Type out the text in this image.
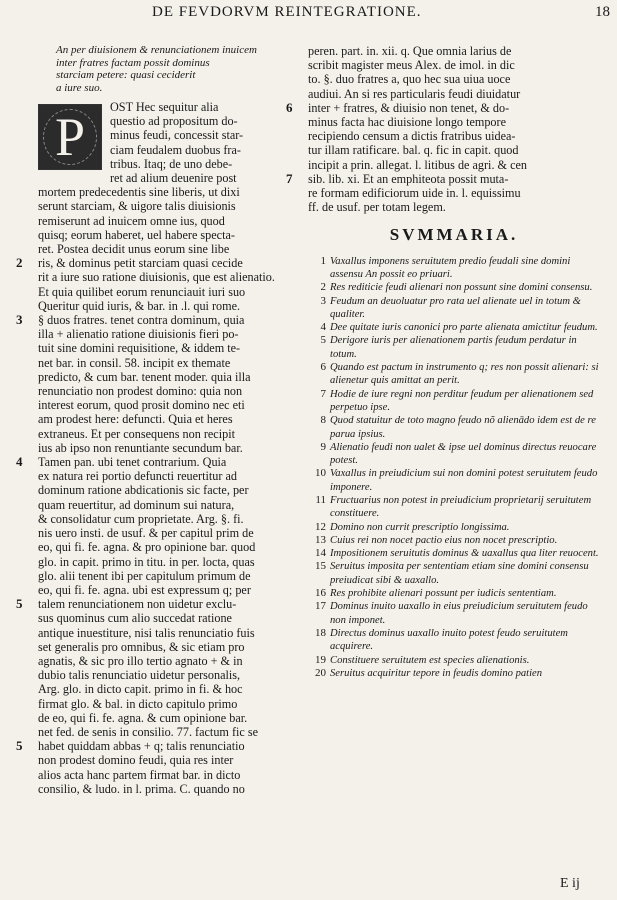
DE FEVDORVM REINTEGRATIONE.	18
An per diuisionem & renunciationem inuicem
inter fratres factam possit dominus
starciam petere: quasi ceciderit
a iure suo.
P	OST Hec sequitur alia
questio ad propositum do-
minus feudi, concessit star-
ciam feudalem duobus fra-
tribus. Itaq; de uno debe-
ret ad alium deuenire post
mortem predecedentis sine liberis, ut dixi
serunt starciam, & uigore talis diuisionis
remiserunt ad inuicem omne ius, quod
quisq; eorum haberet, uel habere specta-
ret. Postea decidit unus eorum sine libe
2 ris, & dominus petit starciam quasi cecide
rit a iure suo ratione diuisionis, que est alienatio.
Et quia quilibet eorum renunciauit iuri suo
Queritur quid iuris, & bar. in .l. qui rome.
3 § duos fratres. tenet contra dominum, quia
illa + alienatio ratione diuisionis fieri po-
tuit sine domini requisitione, & iddem te-
net bar. in consil. 58. incipit ex themate
predicto, & cum bar. tenent moder. quia illa
renunciatio non prodest domino: quia non
interest eorum, quod prosit domino nec eti
am prodest here: defuncti. Quia et heres
extraneus. Et per consequens non recipit
ius ab ipso non renuntiante secundum bar.
4 Tamen pan. ubi tenet contrarium. Quia
ex natura rei portio defuncti reuertitur ad
dominum ratione abdicationis sic facte, per
quam reuertitur, ad dominum sui natura,
& consolidatur cum proprietate. Arg. §. fi.
nis uero insti. de usuf. & per capitul prim de
eo, qui fi. fe. agna. & pro opinione bar. quod
glo. in capit. primo in titu. in per. locta, quas
glo. alii tenent ibi per capitulum primum de
eo, qui fi. fe. agna. ubi est expressum q; per
5 talem renunciationem non uidetur exclu-
sus quominus cum alio succedat ratione
antique inuestiture, nisi talis renunciatio fuis
set generalis pro omnibus, & sic etiam pro
agnatis, & sic pro illo tertio agnato + & in
dubio talis renunciatio uidetur personalis,
Arg. glo. in dicto capit. primo in fi. & hoc
firmat glo. & bal. in dicto capitulo primo
de eo, qui fi. fe. agna. & cum opinione bar.
net fed. de senis in consilio. 77. factum fic se
5 habet quiddam abbas + q; talis renunciatio
non prodest domino feudi, quia res inter
alios acta hanc partem firmat bar. in dicto
consilio, & ludo. in l. prima. C. quando no
peren. part. in. xii. q. Que omnia larius de
scribit magister meus Alex. de imol. in dic
to. §. duo fratres a, quo hec sua uiua uoce
audiui. An si res particularis feudi diuidatur
6 inter + fratres, & diuisio non tenet, & do-
minus facta hac diuisione longo tempore
recipiendo censum a dictis fratribus uidea-
tur illam ratificare. bal. q. fic in capit. quod
incipit a prin. allegat. l. litibus de agri. & cen
7 sib. lib. xi. Et an emphiteota possit muta-
re formam edificiorum uide in. l. equissimu
ff. de usuf. per totam legem.
SVMMARIA.
1 Vaxallus imponens seruitutem predio feudali sine domini assensu An possit eo priuari.
2 Res rediticie feudi alienari non possunt sine domini consensu.
3 Feudum an deuoluatur pro rata uel alienate uel in totum & qualiter.
4 Dee quitate iuris canonici pro parte alienata amictitur feudum.
5 Derigore iuris per alienationem partis feudum perdatur in totum.
6 Quando est pactum in instrumento q; res non possit alienari: si alienetur quis amittat an perit.
7 Hodie de iure regni non perditur feudum per alienationem sed perpetuo ipse.
8 Quod statuitur de toto magno feudo nõ alienādo idem est de re parua ipsius.
9 Alienatio feudi non ualet & ipse uel dominus directus reuocare potest.
10 Vaxallus in preiudicium sui non domini potest seruitutem feudo imponere.
11 Fructuarius non potest in preiudicium proprietarij seruitutem constituere.
12 Domino non currit prescriptio longissima.
13 Cuius rei non nocet pactio eius non nocet prescriptio.
14 Impositionem seruitutis dominus & uaxallus qua liter reuocent.
15 Seruitus imposita per sententiam etiam sine domini consensu preiudicat sibi & uaxallo.
16 Res prohibite alienari possunt per iudicis sententiam.
17 Dominus inuito uaxallo in eius preiudicium seruitutem feudo non imponet.
18 Directus dominus uaxallo inuito potest feudo seruitutem acquirere.
19 Constituere seruitutem est species alienationis.
20 Seruitus acquiritur tepore in feudis domino patien
E ij
